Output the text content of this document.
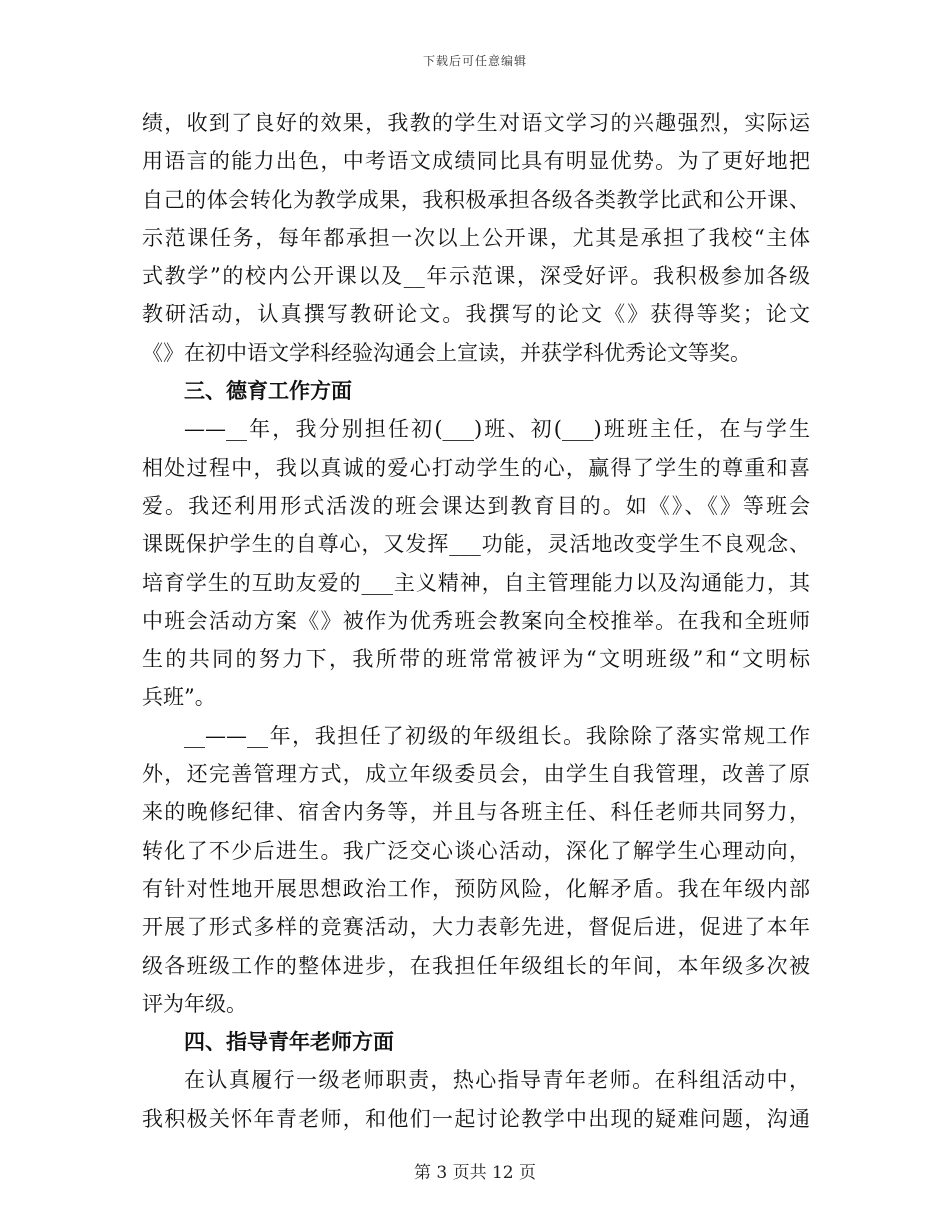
下载后可任意编辑
绩，收到了良好的效果，我教的学生对语文学习的兴趣强烈，实际运
用语言的能力出色，中考语文成绩同比具有明显优势。为了更好地把
自己的体会转化为教学成果，我积极承担各级各类教学比武和公开课、
示范课任务，每年都承担一次以上公开课，尤其是承担了我校“主体
式教学”的校内公开课以及__年示范课，深受好评。我积极参加各级
教研活动，认真撰写教研论文。我撰写的论文《》获得等奖；论文
《》在初中语文学科经验沟通会上宣读，并获学科优秀论文等奖。
三、德育工作方面
——__年，我分别担任初(___)班、初(___)班班主任，在与学生
相处过程中，我以真诚的爱心打动学生的心，赢得了学生的尊重和喜
爱。我还利用形式活泼的班会课达到教育目的。如《》、《》等班会
课既保护学生的自尊心，又发挥___功能，灵活地改变学生不良观念、
培育学生的互助友爱的___主义精神，自主管理能力以及沟通能力，其
中班会活动方案《》被作为优秀班会教案向全校推举。在我和全班师
生的共同的努力下，我所带的班常常被评为“文明班级”和“文明标
兵班”。
__——__年，我担任了初级的年级组长。我除除了落实常规工作
外，还完善管理方式，成立年级委员会，由学生自我管理，改善了原
来的晚修纪律、宿舍内务等，并且与各班主任、科任老师共同努力，
转化了不少后进生。我广泛交心谈心活动，深化了解学生心理动向，
有针对性地开展思想政治工作，预防风险，化解矛盾。我在年级内部
开展了形式多样的竞赛活动，大力表彰先进，督促后进，促进了本年
级各班级工作的整体进步，在我担任年级组长的年间，本年级多次被
评为年级。
四、指导青年老师方面
在认真履行一级老师职责，热心指导青年老师。在科组活动中，
我积极关怀年青老师，和他们一起讨论教学中出现的疑难问题，沟通
第 3 页共 12 页
